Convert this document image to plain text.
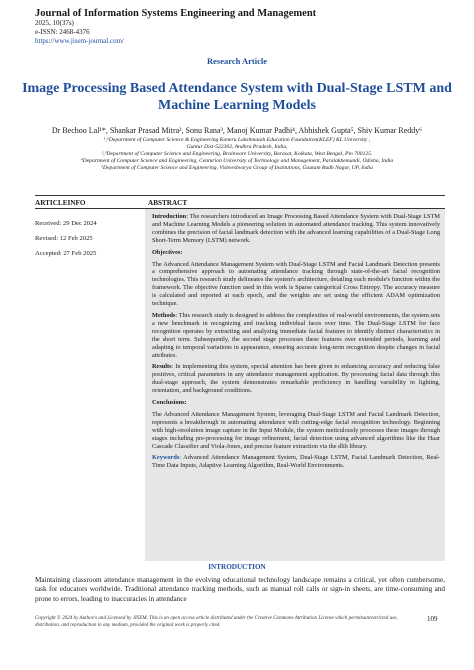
Journal of Information Systems Engineering and Management
2025, 10(37s)
e-ISSN: 2468-4376
https://www.jisem-journal.com/
Research Article
Image Processing Based Attendance System with Dual-Stage LSTM and Machine Learning Models
Dr Bechoo Lal¹*, Shankar Prasad Mitra², Sonu Rana³, Manoj Kumar Padhi⁴, Abhishek Gupta⁵, Shiv Kumar Reddy⁶
¹,⁶Department of Computer Science & Engineering Koneru Lakshmaiah Education Foundation(KLEF) KL University ,
Guntur Dist-522302, Andhra Pradesh, India,
²,³Department of Computer Science and Engineering, Brainware University, Barasat, Kolkata, West Bengal, Pin 700125.
⁴Department of Computer Science and Engineering, Centurion University of Technology and Management, Paralakhemundi, Odisha, India
⁵Department of Computer Science and Engineering, Vishveshvarya Group of Institutions, Gautam Budh Nagar, UP, India
ARTICLEINFO	ABSTRACT
Received: 29 Dec 2024
Revised: 12 Feb 2025
Accepted: 27 Feb 2025

Introduction: The researchers introduced an Image Processing Based Attendance System with Dual-Stage LSTM and Machine Learning Models a pioneering solution in automated attendance tracking. This system innovatively combines the precision of facial landmark detection with the advanced learning capabilities of a Dual-Stage Long Short-Term Memory (LSTM) network.

Objectives:

The Advanced Attendance Management System with Dual-Stage LSTM and Facial Landmark Detection presents a comprehensive approach to automating attendance tracking through state-of-the-art facial recognition technologies. This research study delineates the system's architecture, detailing each module's function within the framework. The objective function used in this work is Sparse categorical Cross Entropy. The accuracy measure is calculated and reported at each epoch, and the weights are set using the efficient ADAM optimization technique.

Methods: This research study is designed to address the complexities of real-world environments, the system sets a new benchmark in recognizing and tracking individual faces over time. The Dual-Stage LSTM for face recognition operates by extracting and analyzing immediate facial features to identify distinct characteristics in the short term. Subsequently, the second stage processes these features over extended periods, learning and adapting to temporal variations in appearance, ensuring accurate long-term recognition despite changes in facial attributes.

Results: In implementing this system, special attention has been given to enhancing accuracy and reducing false positives, critical parameters in any attendance management application. By processing facial data through this dual-stage approach, the system demonstrates remarkable proficiency in handling variability in lighting, orientation, and background conditions.

Conclusions:

The Advanced Attendance Management System, leveraging Dual-Stage LSTM and Facial Landmark Detection, represents a breakthrough in automating attendance with cutting-edge facial recognition technology. Beginning with high-resolution image capture in the Input Module, the system meticulously processes these images through stages including pre-processing for image refinement, facial detection using advanced algorithms like the Haar Cascade Classifier and Viola-Jones, and precise feature extraction via the dlib library.

Keywords: Advanced Attendance Management System, Dual-Stage LSTM, Facial Landmark Detection, Real-Time Data Inputs, Adaptive Learning Algorithm, Real-World Environments.

INTRODUCTION
Maintaining classroom attendance management in the evolving educational technology landscape remains a critical, yet often cumbersome, task for educators worldwide. Traditional attendance tracking methods, such as manual roll calls or sign-in sheets, are time-consuming and prone to errors, leading to inaccuracies in attendance
Copyright © 2024 by Author/s and Licensed by JISEM. This is an open access article distributed under the Creative Commons Attribution License which permitsunrestricted use, distribution, and reproduction in any medium, provided the original work is properly cited.
109
